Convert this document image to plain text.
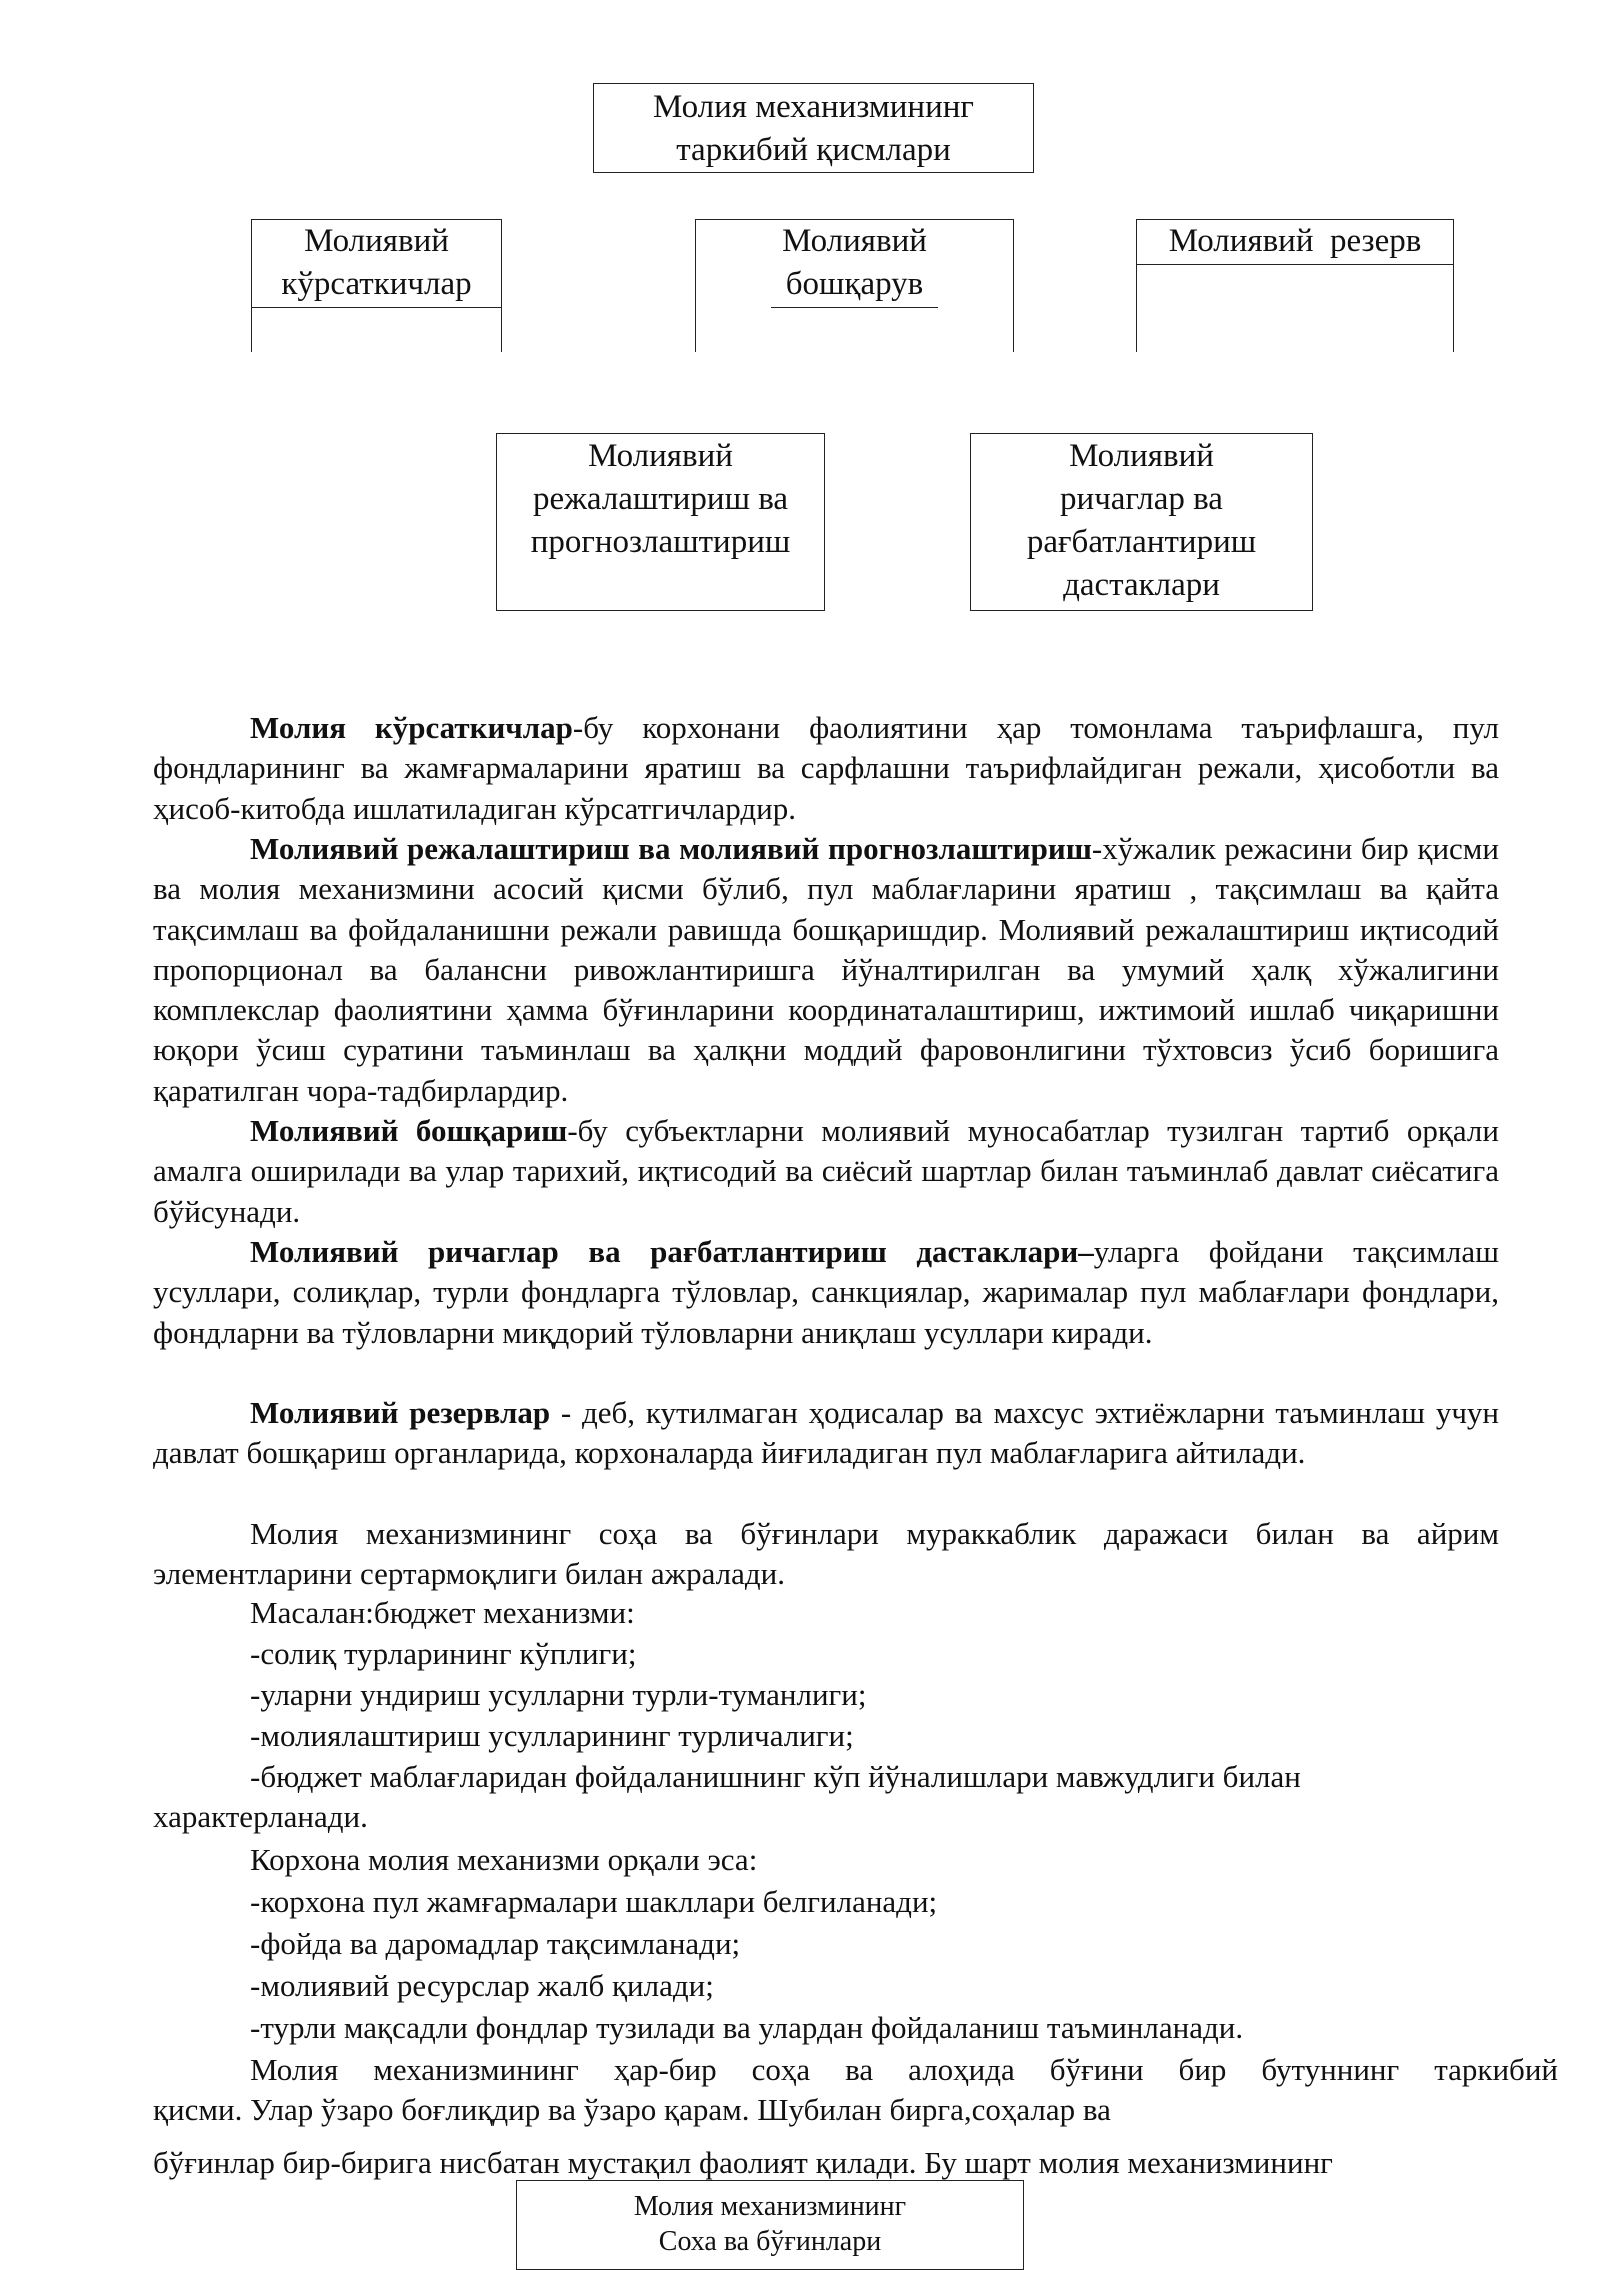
Молия механизмининг
таркибий қисмлари
Молиявий
кўрсаткичлар
Молиявий
бошқарув
Молиявий  резерв
Молиявий
режалаштириш ва
прогнозлаштириш
Молиявий
ричаглар ва
рағбатлантириш
дастаклари

Молия кўрсаткичлар-бу корхонани фаолиятини ҳар томонлама таърифлашга, пул фондларининг ва жамғармаларини яратиш ва сарфлашни таърифлайдиган режали, ҳисоботли ва ҳисоб-китобда ишлатиладиган кўрсатгичлардир.

Молиявий режалаштириш ва молиявий прогнозлаштириш-хўжалик режасини бир қисми ва молия механизмини асосий қисми бўлиб, пул маблағларини яратиш , тақсимлаш ва қайта тақсимлаш ва фойдаланишни режали равишда бошқаришдир. Молиявий режалаштириш иқтисодий пропорционал ва балансни ривожлантиришга йўналтирилган ва умумий ҳалқ хўжалигини комплекслар фаолиятини ҳамма бўғинларини координаталаштириш, ижтимоий ишлаб чиқаришни юқори ўсиш суратини таъминлаш ва ҳалқни моддий фаровонлигини тўхтовсиз ўсиб боришига қаратилган чора-тадбирлардир.

Молиявий бошқариш-бу субъектларни молиявий муносабатлар тузилган тартиб орқали амалга оширилади ва улар тарихий, иқтисодий ва сиёсий шартлар билан таъминлаб давлат сиёсатига бўйсунади.

Молиявий ричаглар ва рағбатлантириш дастаклари–уларга фойдани тақсимлаш усуллари, солиқлар, турли фондларга тўловлар, санкциялар, жарималар пул маблағлари фондлари, фондларни ва тўловларни миқдорий тўловларни аниқлаш усуллари киради.

Молиявий резервлар - деб, кутилмаган ҳодисалар ва махсус эхтиёжларни таъминлаш учун давлат бошқариш органларида, корхоналарда йиғиладиган пул маблағларига айтилади.

Молия механизмининг соҳа ва бўғинлари мураккаблик даражаси билан ва айрим элементларини сертармоқлиги билан ажралади.

Масалан:бюджет механизми:
-солиқ турларининг кўплиги;
-уларни ундириш усулларни турли-туманлиги;
-молиялаштириш усулларининг турличалиги;
-бюджет маблағларидан фойдаланишнинг кўп йўналишлари мавжудлиги билан
характерланади.
Корхона молия механизми орқали эса:
-корхона пул жамғармалари шакллари белгиланади;
-фойда ва даромадлар тақсимланади;
-молиявий ресурслар жалб қилади;
-турли мақсадли фондлар тузилади ва улардан фойдаланиш таъминланади.
Молия механизмининг ҳар-бир соҳа ва алоҳида бўғини бир бутуннинг таркибий
қисми. Улар ўзаро боғлиқдир ва ўзаро қарам. Шубилан бирга,соҳалар ва
бўғинлар бир-бирига нисбатан мустақил фаолият қилади. Бу шарт молия механизмининг
Молия механизмининг
Соха ва бўғинлари
